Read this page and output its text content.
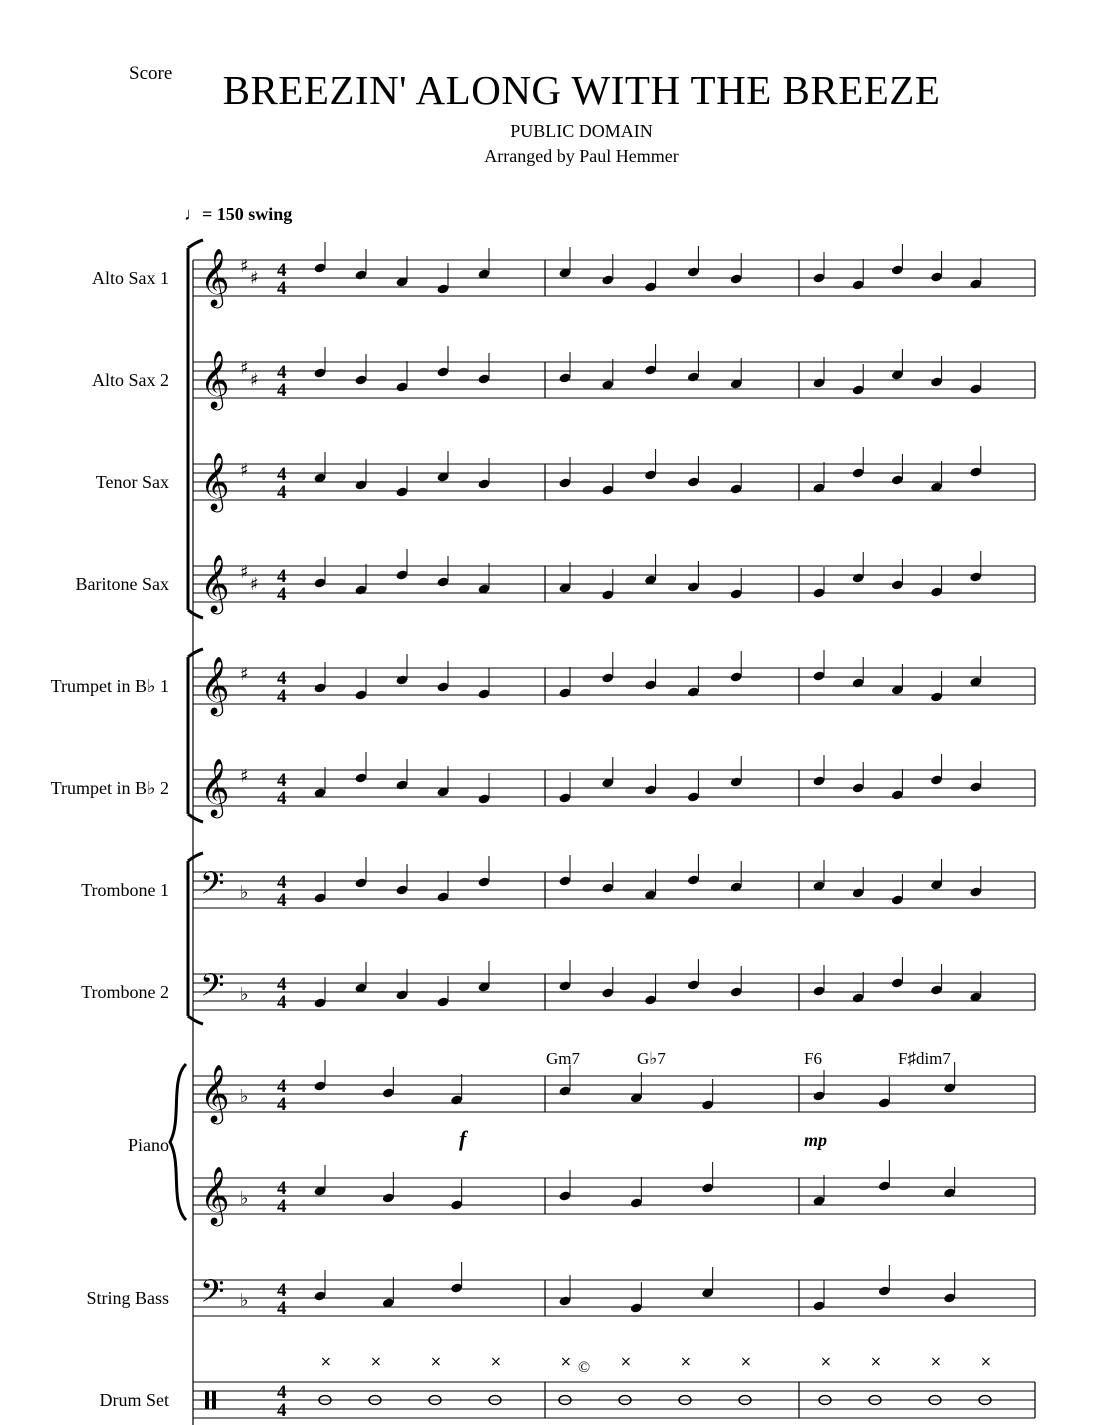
Score	BREEZIN' ALONG WITH THE BREEZE
PUBLIC DOMAIN
Arranged by Paul Hemmer
♩= 150 swing
Alto Sax 1
Alto Sax 2
Tenor Sax
Baritone Sax
Trumpet in B♭ 1
Trumpet in B♭ 2
Trombone 1
Trombone 2
Piano
String Bass
Drum Set
𝄞 4
4
♯
♯
𝄞 4
4
♯
♯
𝄞 4
4
♯
𝄞 4
4
♯
♯
𝄞 4
4
♯
𝄞 4
4
♯
𝄢	4
4
♭
𝄢	4
4
♭
𝄞 4
4
♭
𝄞 4
4
♭
𝄢	4
4
♭
4
4
×	×	×	×	×	×	×	×	×	×	×	×
Gm7	G♭7	F6	F♯dim7
f	mp
©
